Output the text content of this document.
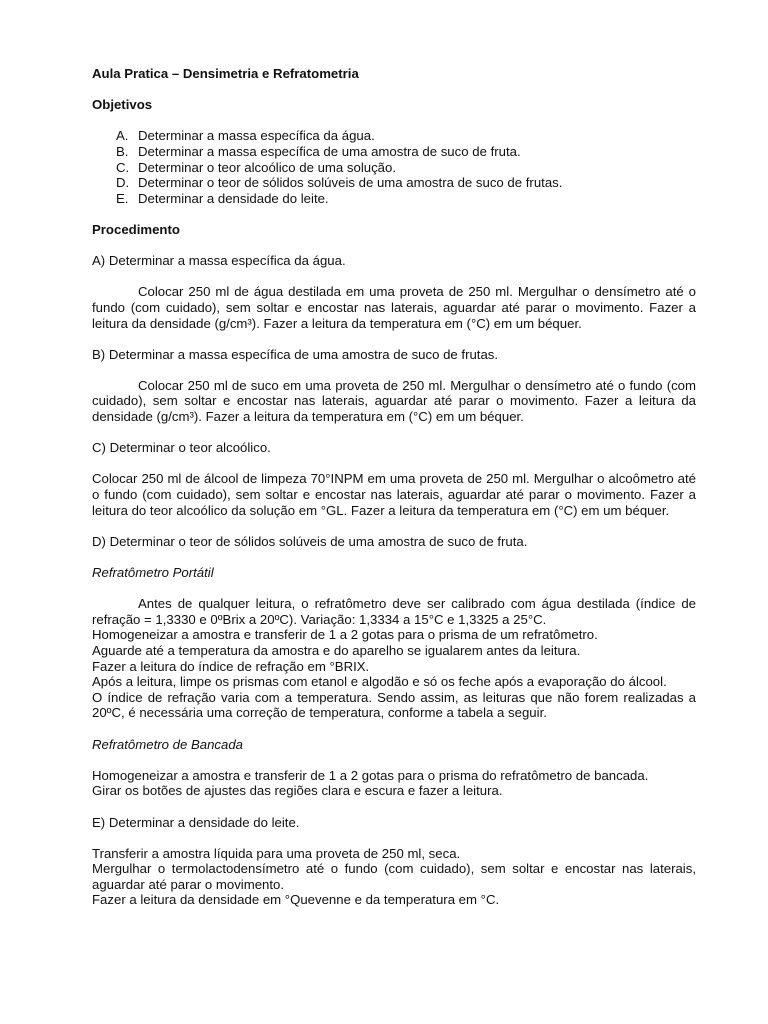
Aula Pratica – Densimetria e Refratometria

Objetivos

A. Determinar a massa específica da água.
B. Determinar a massa específica de uma amostra de suco de fruta.
C. Determinar o teor alcoólico de uma solução.
D. Determinar o teor de sólidos solúveis de uma amostra de suco de frutas.
E. Determinar a densidade do leite.

Procedimento

A) Determinar a massa específica da água.

Colocar 250 ml de água destilada em uma proveta de 250 ml. Mergulhar o densímetro até o fundo (com cuidado), sem soltar e encostar nas laterais, aguardar até parar o movimento. Fazer a leitura da densidade (g/cm³). Fazer a leitura da temperatura em (°C) em um béquer.

B) Determinar a massa específica de uma amostra de suco de frutas.

Colocar 250 ml de suco em uma proveta de 250 ml. Mergulhar o densímetro até o fundo (com cuidado), sem soltar e encostar nas laterais, aguardar até parar o movimento. Fazer a leitura da densidade (g/cm³). Fazer a leitura da temperatura em (°C) em um béquer.

C) Determinar o teor alcoólico.

Colocar 250 ml de álcool de limpeza 70°INPM em uma proveta de 250 ml. Mergulhar o alcoômetro até o fundo (com cuidado), sem soltar e encostar nas laterais, aguardar até parar o movimento. Fazer a leitura do teor alcoólico da solução em °GL. Fazer a leitura da temperatura em (°C) em um béquer.

D) Determinar o teor de sólidos solúveis de uma amostra de suco de fruta.

Refratômetro Portátil

Antes de qualquer leitura, o refratômetro deve ser calibrado com água destilada (índice de refração = 1,3330 e 0ºBrix a 20ºC). Variação: 1,3334 a 15°C e 1,3325 a 25°C.

Homogeneizar a amostra e transferir de 1 a 2 gotas para o prisma de um refratômetro.

Aguarde até a temperatura da amostra e do aparelho se igualarem antes da leitura.

Fazer a leitura do índice de refração em °BRIX.

Após a leitura, limpe os prismas com etanol e algodão e só os feche após a evaporação do álcool.

O índice de refração varia com a temperatura. Sendo assim, as leituras que não forem realizadas a 20ºC, é necessária uma correção de temperatura, conforme a tabela a seguir.

Refratômetro de Bancada

Homogeneizar a amostra e transferir de 1 a 2 gotas para o prisma do refratômetro de bancada.

Girar os botões de ajustes das regiões clara e escura e fazer a leitura.

E) Determinar a densidade do leite.

Transferir a amostra líquida para uma proveta de 250 ml, seca.

Mergulhar o termolactodensímetro até o fundo (com cuidado), sem soltar e encostar nas laterais, aguardar até parar o movimento.

Fazer a leitura da densidade em °Quevenne e da temperatura em °C.
